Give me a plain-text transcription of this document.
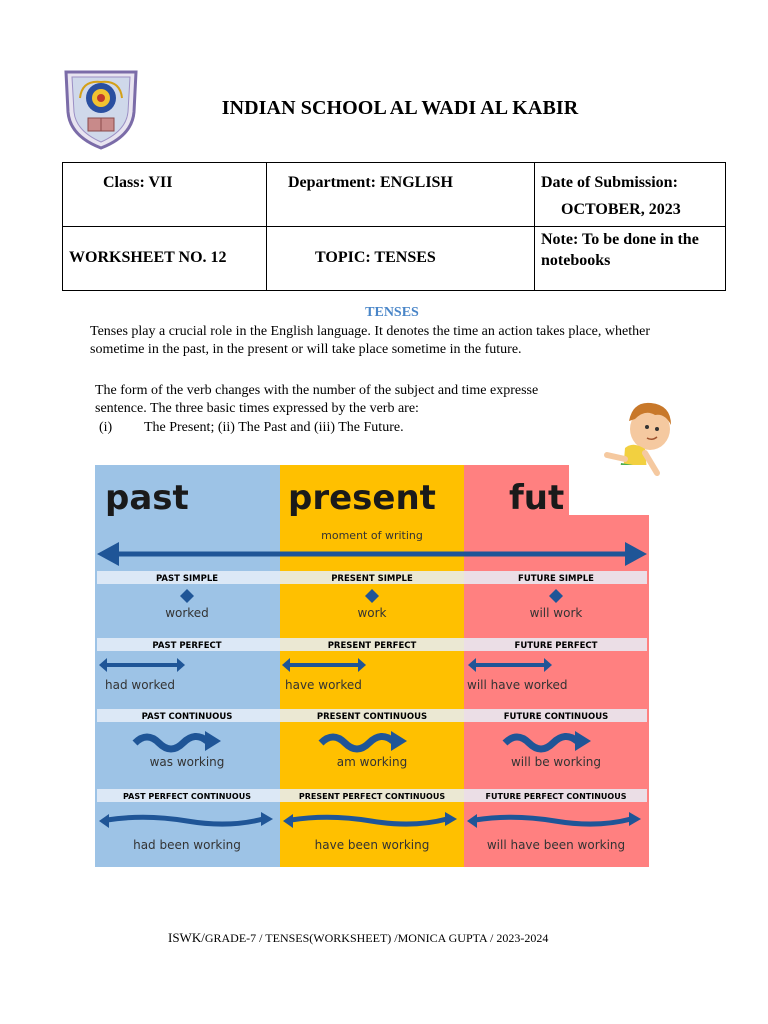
INDIAN SCHOOL AL WADI AL KABIR
Class: VII	Department: ENGLISH	Date of Submission:
OCTOBER, 2023

WORKSHEET NO. 12	TOPIC: TENSES	Note: To be done in the notebooks
TENSES
Tenses play a crucial role in the English language. It denotes the time an action takes place, whether sometime in the past, in the present or will take place sometime in the future.
The form of the verb changes with the number of the subject and time expresse
sentence. The three basic times expressed by the verb are:
(i) The Present; (ii) The Past and (iii) The Future.
past	present fut
moment of writing
PAST SIMPLE	PRESENT SIMPLE	FUTURE SIMPLE
worked	work	will work
PAST PERFECT	PRESENT PERFECT	FUTURE PERFECT
had worked	have worked	will have worked
PAST CONTINUOUS	PRESENT CONTINUOUS	FUTURE CONTINUOUS
was working	am working	will be working
PAST PERFECT CONTINUOUS	PRESENT PERFECT CONTINUOUS	FUTURE PERFECT CONTINUOUS
had been working	have been working	will have been working
ISWK/GRADE-7 / TENSES(WORKSHEET) /MONICA GUPTA / 2023-2024
